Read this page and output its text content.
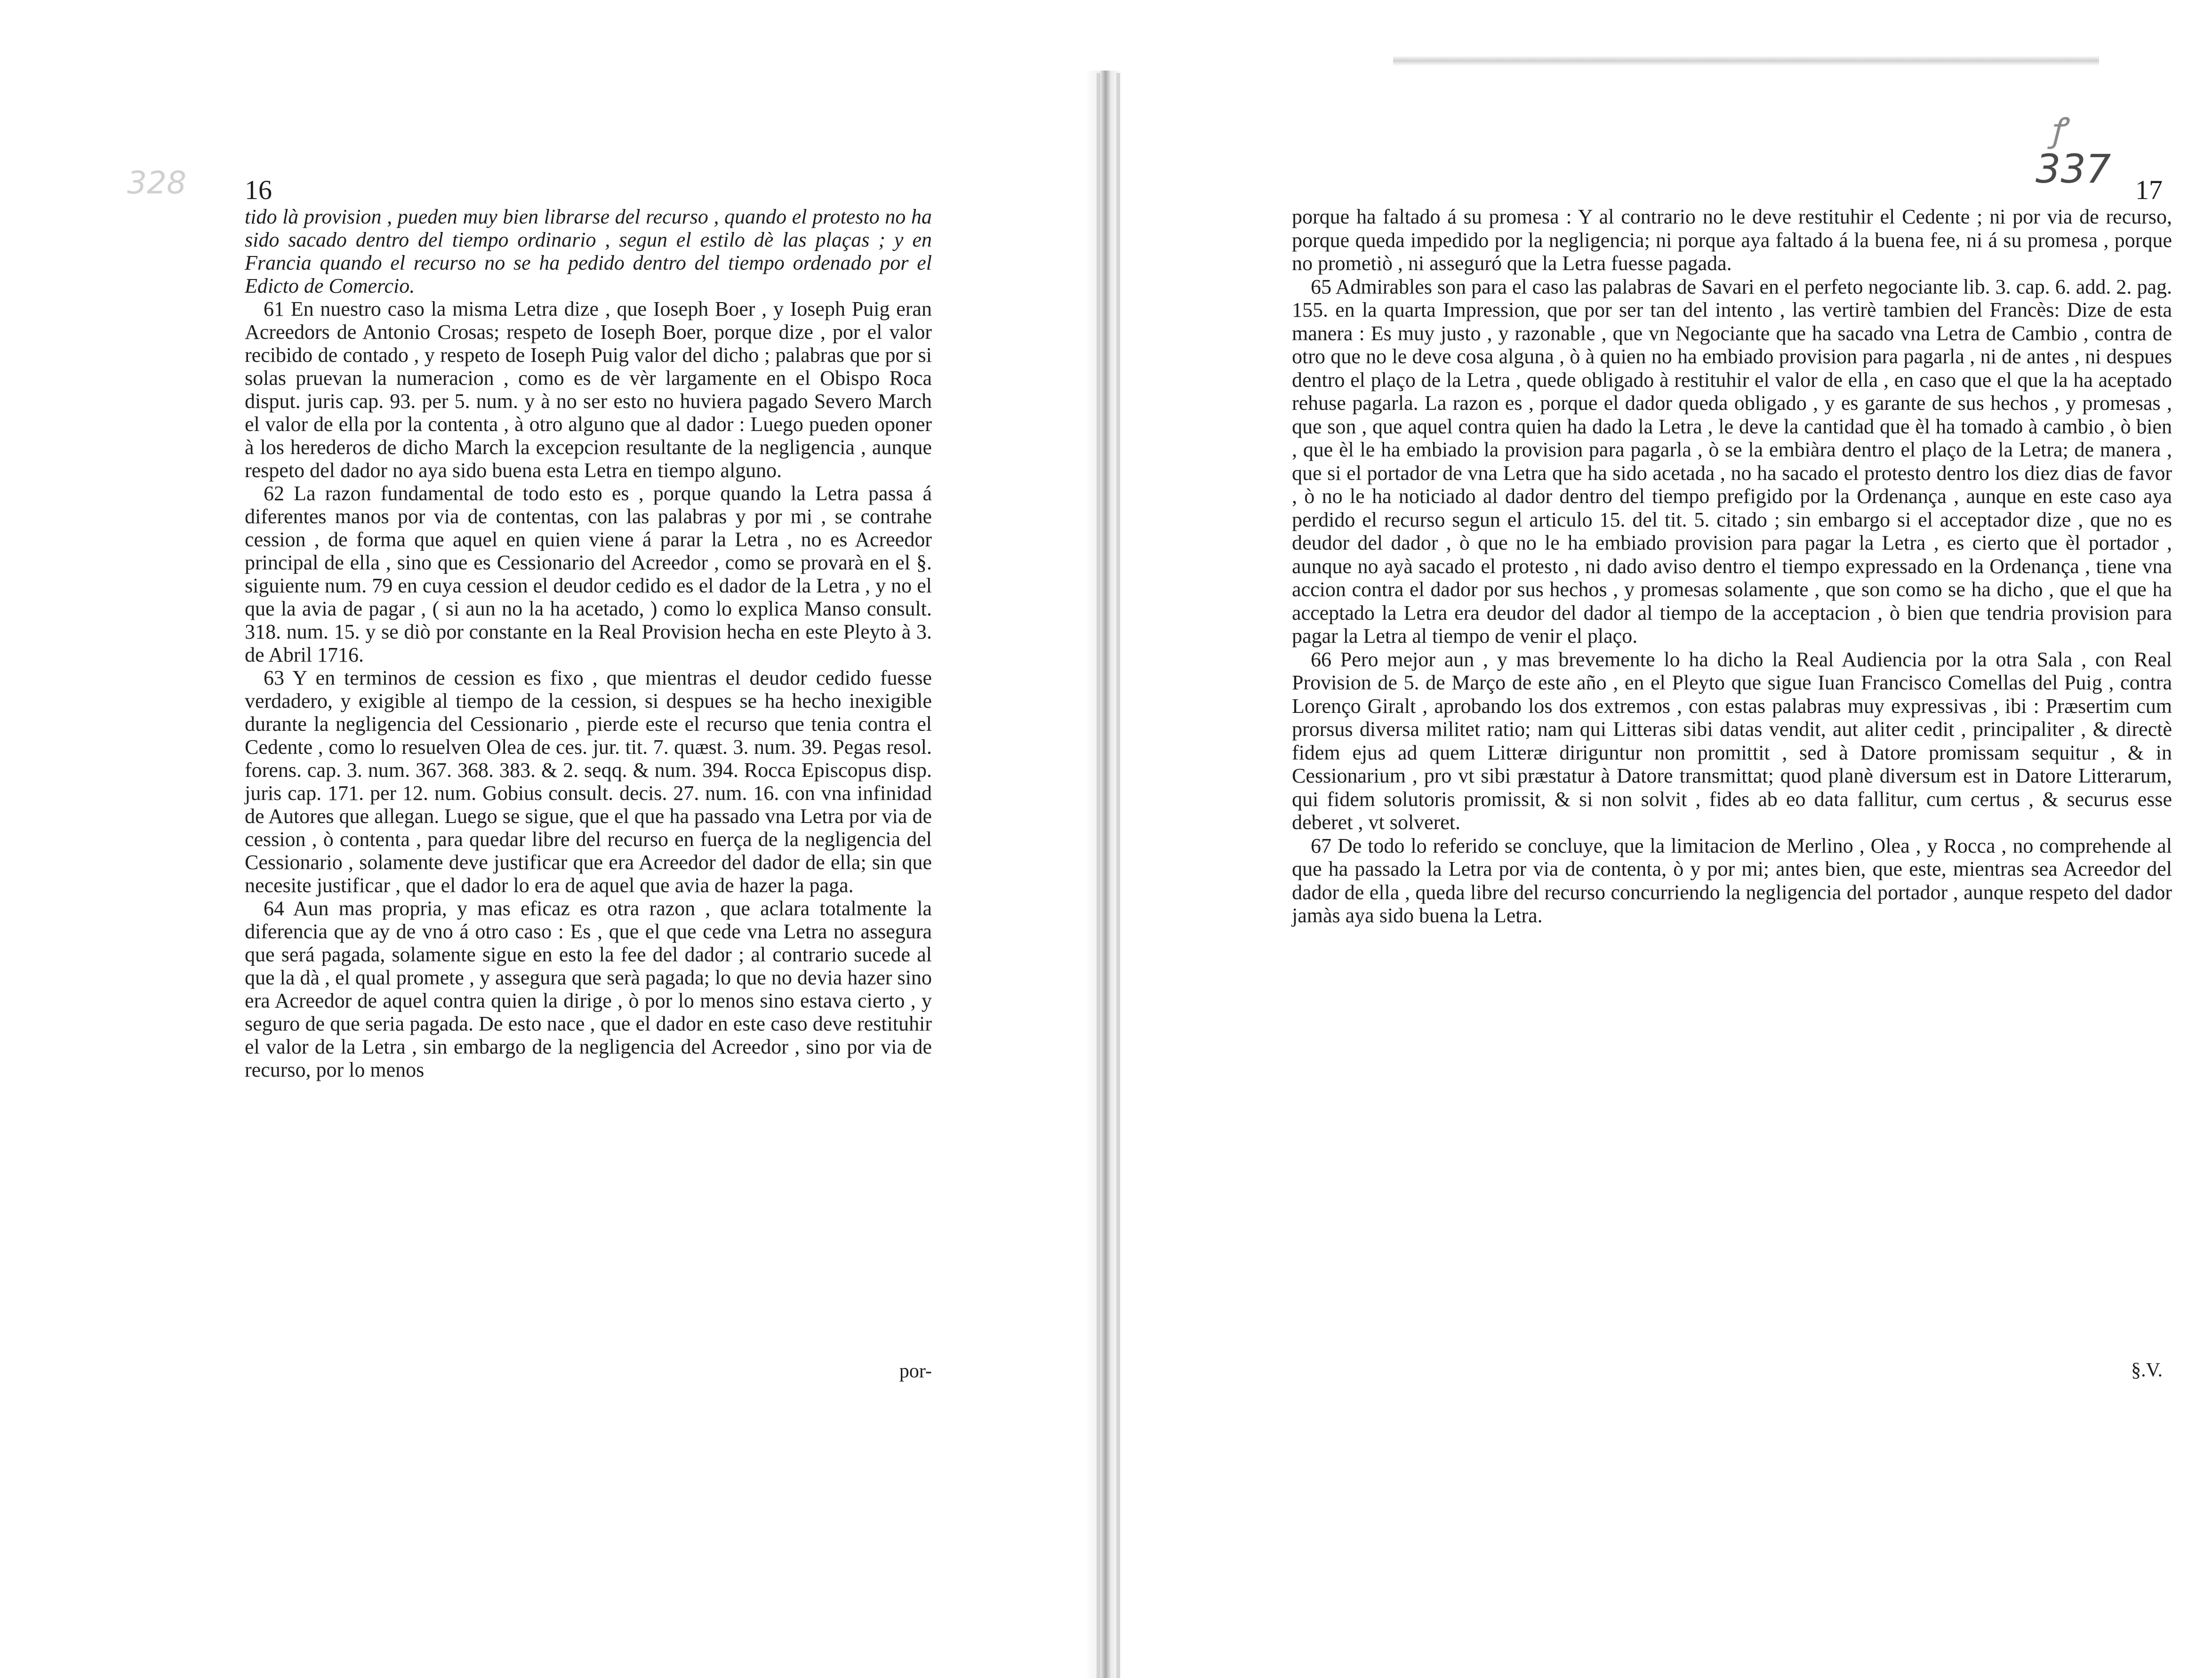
328
ꝭ
337
16

tido là provision , pueden muy bien librarse del recurso , quando el protesto no ha sido sacado dentro del tiempo ordinario , segun el estilo dè las plaças ; y en Francia quando el recurso no se ha pedido dentro del tiempo ordenado por el Edicto de Comercio.

61 En nuestro caso la misma Letra dize , que Ioseph Boer , y Ioseph Puig eran Acreedors de Antonio Crosas; respeto de Ioseph Boer, porque dize , por el valor recibido de contado , y respeto de Ioseph Puig valor del dicho ; palabras que por si solas pruevan la numeracion , como es de vèr largamente en el Obispo Roca disput. juris cap. 93. per 5. num. y à no ser esto no huviera pagado Severo March el valor de ella por la contenta , à otro alguno que al dador : Luego pueden oponer à los herederos de dicho March la excepcion resultante de la negligencia , aunque respeto del dador no aya sido buena esta Letra en tiempo alguno.

62 La razon fundamental de todo esto es , porque quando la Letra passa á diferentes manos por via de contentas, con las palabras y por mi , se contrahe cession , de forma que aquel en quien viene á parar la Letra , no es Acreedor principal de ella , sino que es Cessionario del Acreedor , como se provarà en el §. siguiente num. 79 en cuya cession el deudor cedido es el dador de la Letra , y no el que la avia de pagar , ( si aun no la ha acetado, ) como lo explica Manso consult. 318. num. 15. y se diò por constante en la Real Provision hecha en este Pleyto à 3. de Abril 1716.

63 Y en terminos de cession es fixo , que mientras el deudor cedido fuesse verdadero, y exigible al tiempo de la cession, si despues se ha hecho inexigible durante la negligencia del Cessionario , pierde este el recurso que tenia contra el Cedente , como lo resuelven Olea de ces. jur. tit. 7. quæst. 3. num. 39. Pegas resol. forens. cap. 3. num. 367. 368. 383. & 2. seqq. & num. 394. Rocca Episcopus disp. juris cap. 171. per 12. num. Gobius consult. decis. 27. num. 16. con vna infinidad de Autores que allegan. Luego se sigue, que el que ha passado vna Letra por via de cession , ò contenta , para quedar libre del recurso en fuerça de la negligencia del Cessionario , solamente deve justificar que era Acreedor del dador de ella; sin que necesite justificar , que el dador lo era de aquel que avia de hazer la paga.

64 Aun mas propria, y mas eficaz es otra razon , que aclara totalmente la diferencia que ay de vno á otro caso : Es , que el que cede vna Letra no assegura que será pagada, solamente sigue en esto la fee del dador ; al contrario sucede al que la dà , el qual promete , y assegura que serà pagada; lo que no devia hazer sino era Acreedor de aquel contra quien la dirige , ò por lo menos sino estava cierto , y seguro de que seria pagada. De esto nace , que el dador en este caso deve restituhir el valor de la Letra , sin embargo de la negligencia del Acreedor , sino por via de recurso, por lo menos

por-
17

porque ha faltado á su promesa : Y al contrario no le deve restituhir el Cedente ; ni por via de recurso, porque queda impedido por la negligencia; ni porque aya faltado á la buena fee, ni á su promesa , porque no prometiò , ni asseguró que la Letra fuesse pagada.

65 Admirables son para el caso las palabras de Savari en el perfeto negociante lib. 3. cap. 6. add. 2. pag. 155. en la quarta Impression, que por ser tan del intento , las vertirè tambien del Francès: Dize de esta manera : Es muy justo , y razonable , que vn Negociante que ha sacado vna Letra de Cambio , contra de otro que no le deve cosa alguna , ò à quien no ha embiado provision para pagarla , ni de antes , ni despues dentro el plaço de la Letra , quede obligado à restituhir el valor de ella , en caso que el que la ha aceptado rehuse pagarla. La razon es , porque el dador queda obligado , y es garante de sus hechos , y promesas , que son , que aquel contra quien ha dado la Letra , le deve la cantidad que èl ha tomado à cambio , ò bien , que èl le ha embiado la provision para pagarla , ò se la embiàra dentro el plaço de la Letra; de manera , que si el portador de vna Letra que ha sido acetada , no ha sacado el protesto dentro los diez dias de favor , ò no le ha noticiado al dador dentro del tiempo prefigido por la Ordenança , aunque en este caso aya perdido el recurso segun el articulo 15. del tit. 5. citado ; sin embargo si el acceptador dize , que no es deudor del dador , ò que no le ha embiado provision para pagar la Letra , es cierto que èl portador , aunque no ayà sacado el protesto , ni dado aviso dentro el tiempo expressado en la Ordenança , tiene vna accion contra el dador por sus hechos , y promesas solamente , que son como se ha dicho , que el que ha acceptado la Letra era deudor del dador al tiempo de la acceptacion , ò bien que tendria provision para pagar la Letra al tiempo de venir el plaço.

66 Pero mejor aun , y mas brevemente lo ha dicho la Real Audiencia por la otra Sala , con Real Provision de 5. de Março de este año , en el Pleyto que sigue Iuan Francisco Comellas del Puig , contra Lorenço Giralt , aprobando los dos extremos , con estas palabras muy expressivas , ibi : Præsertim cum prorsus diversa militet ratio; nam qui Litteras sibi datas vendit, aut aliter cedit , principaliter , & directè fidem ejus ad quem Litteræ diriguntur non promittit , sed à Datore promissam sequitur , & in Cessionarium , pro vt sibi præstatur à Datore transmittat; quod planè diversum est in Datore Litterarum, qui fidem solutoris promissit, & si non solvit , fides ab eo data fallitur, cum certus , & securus esse deberet , vt solveret.

67 De todo lo referido se concluye, que la limitacion de Merlino , Olea , y Rocca , no comprehende al que ha passado la Letra por via de contenta, ò y por mi; antes bien, que este, mientras sea Acreedor del dador de ella , queda libre del recurso concurriendo la negligencia del portador , aunque respeto del dador jamàs aya sido buena la Letra.

§.V.
